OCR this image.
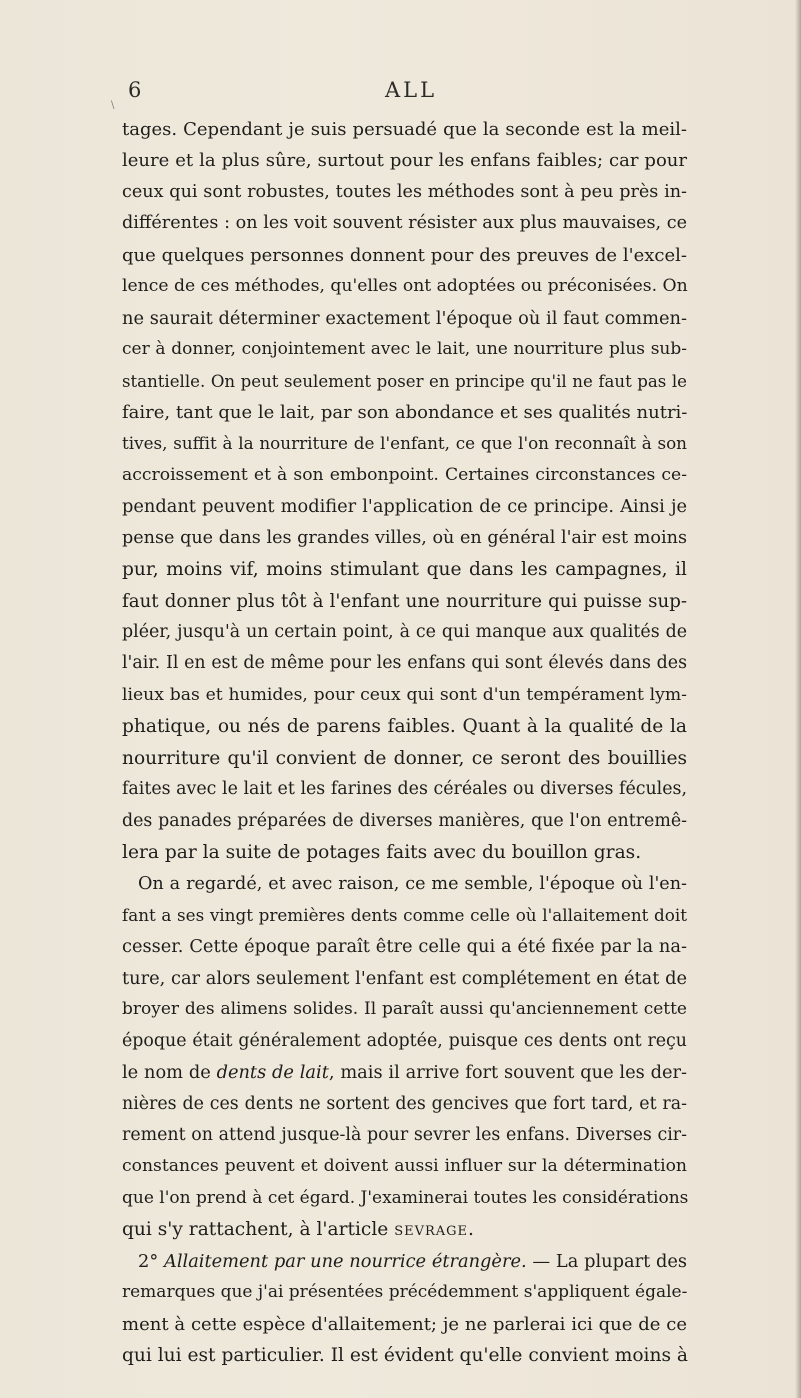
\
6	ALL
tages. Cependant je suis persuadé que la seconde est la meil-
leure et la plus sûre, surtout pour les enfans faibles; car pour
ceux qui sont robustes, toutes les méthodes sont à peu près in-
différentes : on les voit souvent résister aux plus mauvaises, ce
que quelques personnes donnent pour des preuves de l'excel-
lence de ces méthodes, qu'elles ont adoptées ou préconisées. On
ne saurait déterminer exactement l'époque où il faut commen-
cer à donner, conjointement avec le lait, une nourriture plus sub-
stantielle. On peut seulement poser en principe qu'il ne faut pas le
faire, tant que le lait, par son abondance et ses qualités nutri-
tives, suffit à la nourriture de l'enfant, ce que l'on reconnaît à son
accroissement et à son embonpoint. Certaines circonstances ce-
pendant peuvent modifier l'application de ce principe. Ainsi je
pense que dans les grandes villes, où en général l'air est moins
pur, moins vif, moins stimulant que dans les campagnes, il
faut donner plus tôt à l'enfant une nourriture qui puisse sup-
pléer, jusqu'à un certain point, à ce qui manque aux qualités de
l'air. Il en est de même pour les enfans qui sont élevés dans des
lieux bas et humides, pour ceux qui sont d'un tempérament lym-
phatique, ou nés de parens faibles. Quant à la qualité de la
nourriture qu'il convient de donner, ce seront des bouillies
faites avec le lait et les farines des céréales ou diverses fécules,
des panades préparées de diverses manières, que l'on entremê-
lera par la suite de potages faits avec du bouillon gras.
On a regardé, et avec raison, ce me semble, l'époque où l'en-
fant a ses vingt premières dents comme celle où l'allaitement doit
cesser. Cette époque paraît être celle qui a été fixée par la na-
ture, car alors seulement l'enfant est complétement en état de
broyer des alimens solides. Il paraît aussi qu'anciennement cette
époque était généralement adoptée, puisque ces dents ont reçu
le nom de dents de lait, mais il arrive fort souvent que les der-
nières de ces dents ne sortent des gencives que fort tard, et ra-
rement on attend jusque-là pour sevrer les enfans. Diverses cir-
constances peuvent et doivent aussi influer sur la détermination
que l'on prend à cet égard. J'examinerai toutes les considérations
qui s'y rattachent, à l'article SEVRAGE.
2° Allaitement par une nourrice étrangère. — La plupart des
remarques que j'ai présentées précédemment s'appliquent égale-
ment à cette espèce d'allaitement; je ne parlerai ici que de ce
qui lui est particulier. Il est évident qu'elle convient moins à
